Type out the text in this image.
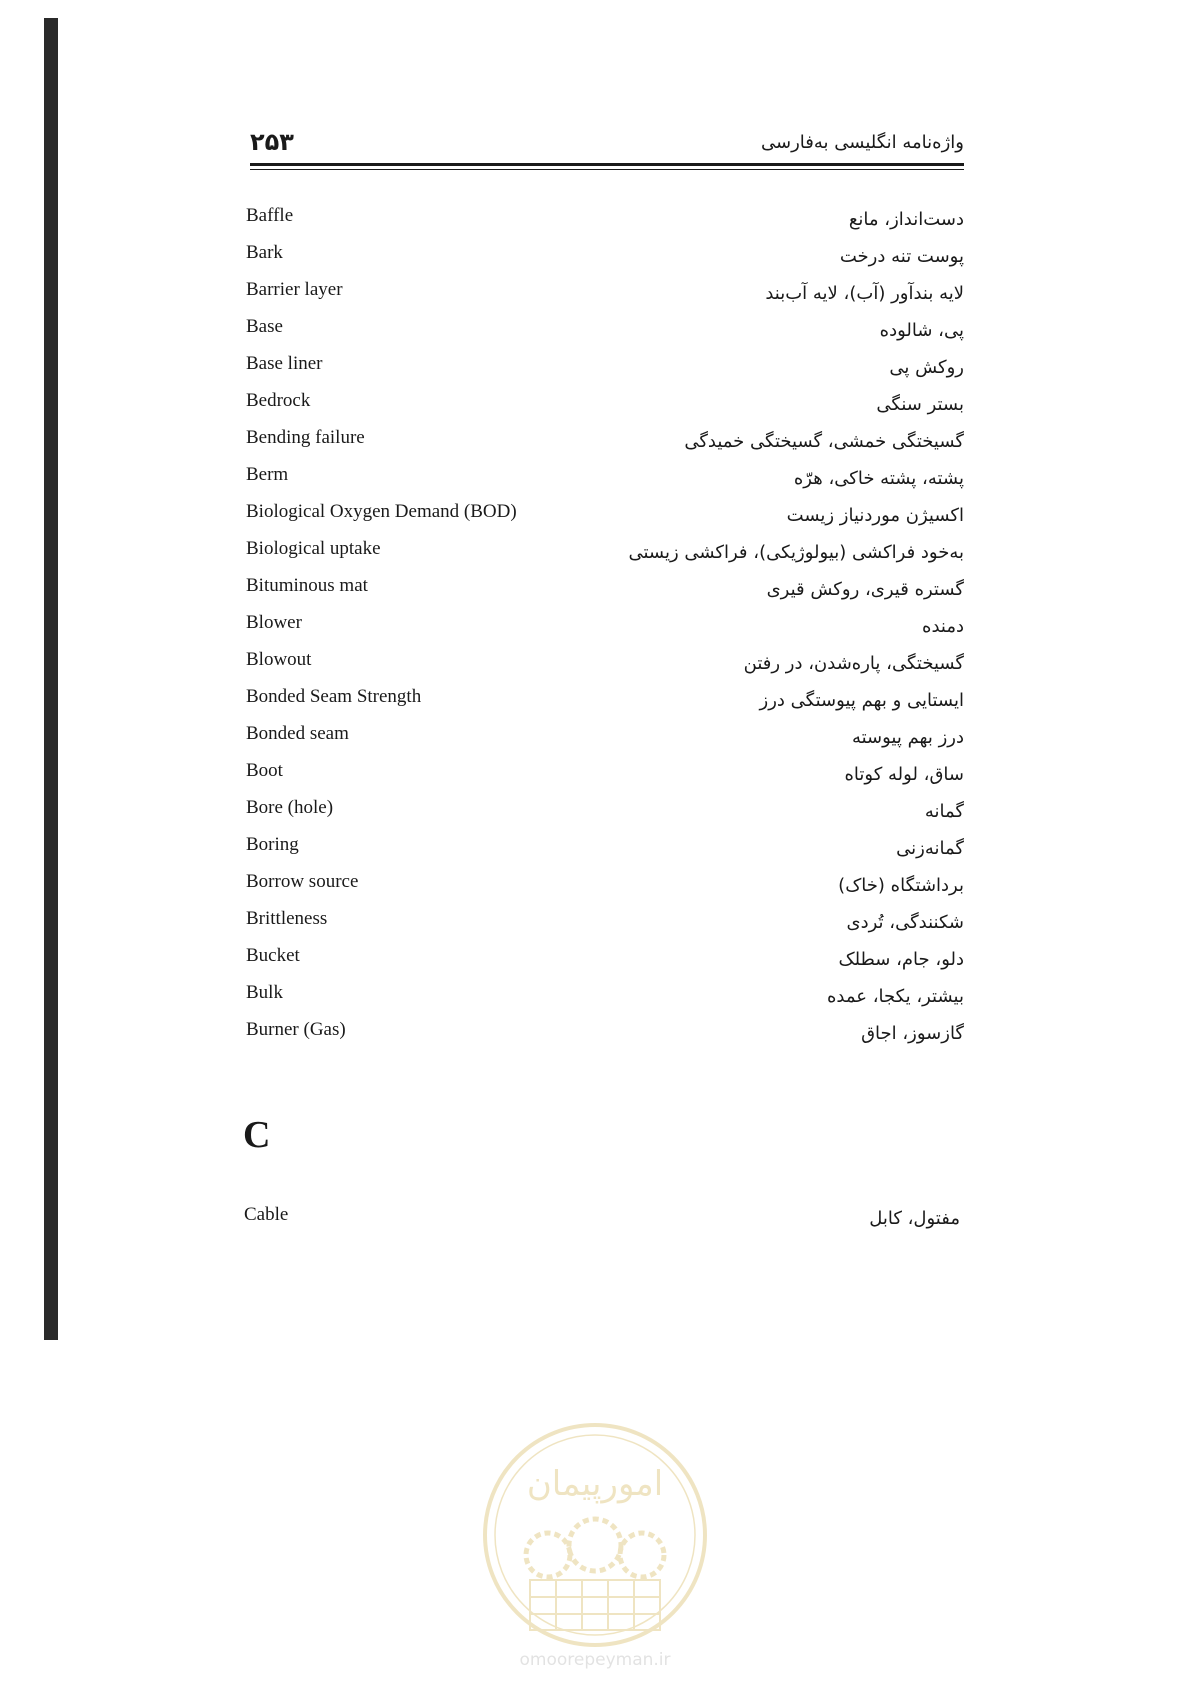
۲۵۳	واژه‌نامه انگلیسی به‌فارسی
Baffle	دست‌انداز، مانع
Bark	پوست تنه درخت
Barrier layer	لایه بندآور (آب)، لایه آب‌بند
Base	پی، شالوده
Base liner	روکش پی
Bedrock	بستر سنگی
Bending failure	گسیختگی خمشی، گسیختگی خمیدگی
Berm	پشته، پشته خاکی، هرّه
Biological Oxygen Demand (BOD)	اکسیژن موردنیاز زیست
Biological uptake	به‌خود فراکشی (بیولوژیکی)، فراکشی زیستی
Bituminous mat	گستره قیری، روکش قیری
Blower	دمنده
Blowout	گسیختگی، پاره‌شدن، در رفتن
Bonded Seam Strength	ایستایی و بهم پیوستگی درز
Bonded seam	درز بهم پیوسته
Boot	ساق، لوله کوتاه
Bore (hole)	گمانه
Boring	گمانه‌زنی
Borrow source	برداشتگاه (خاک)
Brittleness	شکنندگی، تُردی
Bucket	دلو، جام، سطلک
Bulk	بیشتر، یکجا، عمده
Burner (Gas)	گازسوز، اجاق
C
Cable	مفتول، کابل
امورپیمان
omoorepeyman.ir
